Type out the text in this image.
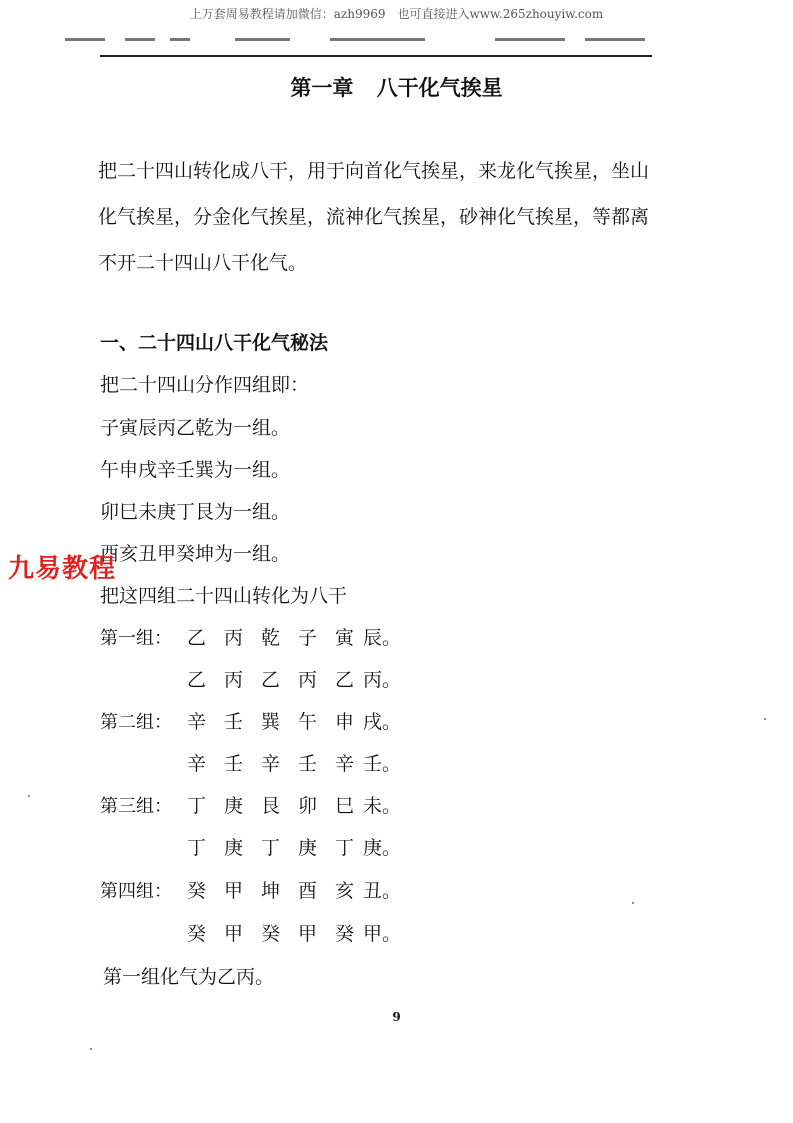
上万套周易教程请加微信：azh9969　也可直接进入www.265zhouyiw.com
第一章 八干化气挨星
把二十四山转化成八干，用于向首化气挨星，来龙化气挨星，坐山化气挨星，分金化气挨星，流神化气挨星，砂神化气挨星，等都离不开二十四山八干化气。
一、二十四山八干化气秘法
把二十四山分作四组即：
子寅辰丙乙乾为一组。
午申戌辛壬巽为一组。
卯巳未庚丁艮为一组。
酉亥丑甲癸坤为一组。
把这四组二十四山转化为八干
第一组： 乙 丙 乾 子 寅 辰。
乙 丙 乙 丙 乙 丙。
第二组： 辛 壬 巽 午 申 戌。
辛 壬 辛 壬 辛 壬。
第三组： 丁 庚 艮 卯 巳 未。
丁 庚 丁 庚 丁 庚。
第四组： 癸 甲 坤 酉 亥 丑。
癸 甲 癸 甲 癸 甲。
第一组化气为乙丙。
九易教程
9
